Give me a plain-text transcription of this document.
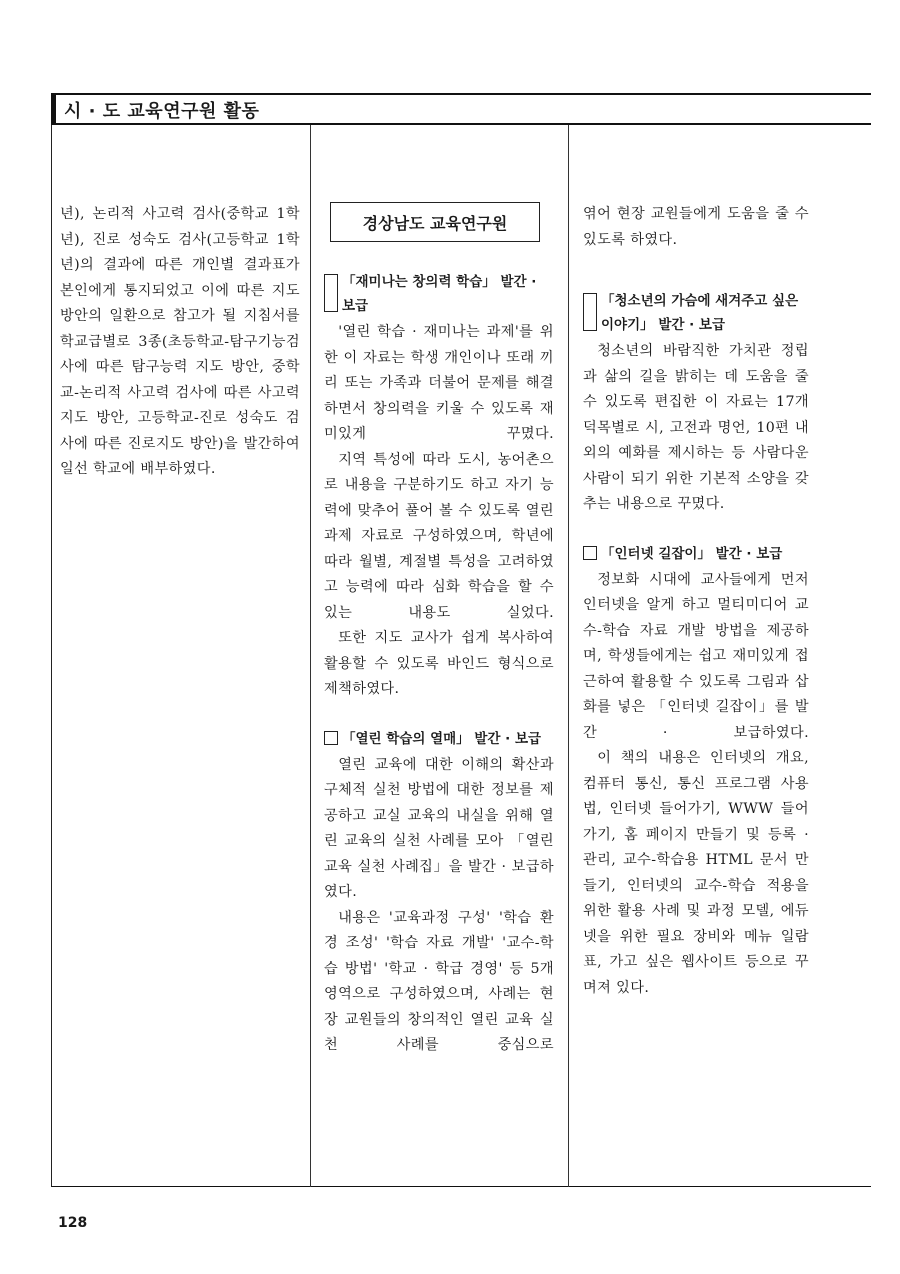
시 · 도 교육연구원 활동

년), 논리적 사고력 검사(중학교 1학년), 진로 성숙도 검사(고등학교 1학년)의 결과에 따른 개인별 결과표가 본인에게 통지되었고 이에 따른 지도 방안의 일환으로 참고가 될 지침서를 학교급별로 3종(초등학교-탐구기능검사에 따른 탐구능력 지도 방안, 중학교-논리적 사고력 검사에 따른 사고력 지도 방안, 고등학교-진로 성숙도 검사에 따른 진로지도 방안)을 발간하여 일선 학교에 배부하였다.

경상남도 교육연구원
「재미나는 창의력 학습」 발간 · 보급

'열린 학습 · 재미나는 과제'를 위한 이 자료는 학생 개인이나 또래 끼리 또는 가족과 더불어 문제를 해결하면서 창의력을 키울 수 있도록 재미있게 꾸몄다.

지역 특성에 따라 도시, 농어촌으로 내용을 구분하기도 하고 자기 능력에 맞추어 풀어 볼 수 있도록 열린 과제 자료로 구성하였으며, 학년에 따라 월별, 계절별 특성을 고려하였고 능력에 따라 심화 학습을 할 수 있는 내용도 실었다.

또한 지도 교사가 쉽게 복사하여 활용할 수 있도록 바인드 형식으로 제책하였다.

「열린 학습의 열매」 발간 · 보급

열린 교육에 대한 이해의 확산과 구체적 실천 방법에 대한 정보를 제공하고 교실 교육의 내실을 위해 열린 교육의 실천 사례를 모아 「열린 교육 실천 사례집」을 발간 · 보급하였다.

내용은 '교육과정 구성' '학습 환경 조성' '학습 자료 개발' '교수-학습 방법' '학교 · 학급 경영' 등 5개 영역으로 구성하였으며, 사례는 현장 교원들의 창의적인 열린 교육 실천 사례를 중심으로

엮어 현장 교원들에게 도움을 줄 수 있도록 하였다.

「청소년의 가슴에 새겨주고 싶은 이야기」 발간 · 보급

청소년의 바람직한 가치관 정립과 삶의 길을 밝히는 데 도움을 줄 수 있도록 편집한 이 자료는 17개 덕목별로 시, 고전과 명언, 10편 내외의 예화를 제시하는 등 사람다운 사람이 되기 위한 기본적 소양을 갖추는 내용으로 꾸몄다.

「인터넷 길잡이」 발간 · 보급

정보화 시대에 교사들에게 먼저 인터넷을 알게 하고 멀티미디어 교수-학습 자료 개발 방법을 제공하며, 학생들에게는 쉽고 재미있게 접근하여 활용할 수 있도록 그림과 삽화를 넣은 「인터넷 길잡이」를 발간 · 보급하였다.

이 책의 내용은 인터넷의 개요, 컴퓨터 통신, 통신 프로그램 사용법, 인터넷 들어가기, WWW 들어가기, 홈 페이지 만들기 및 등록 · 관리, 교수-학습용 HTML 문서 만들기, 인터넷의 교수-학습 적용을 위한 활용 사례 및 과정 모델, 에듀넷을 위한 필요 장비와 메뉴 일람표, 가고 싶은 웹사이트 등으로 꾸며져 있다.

128
